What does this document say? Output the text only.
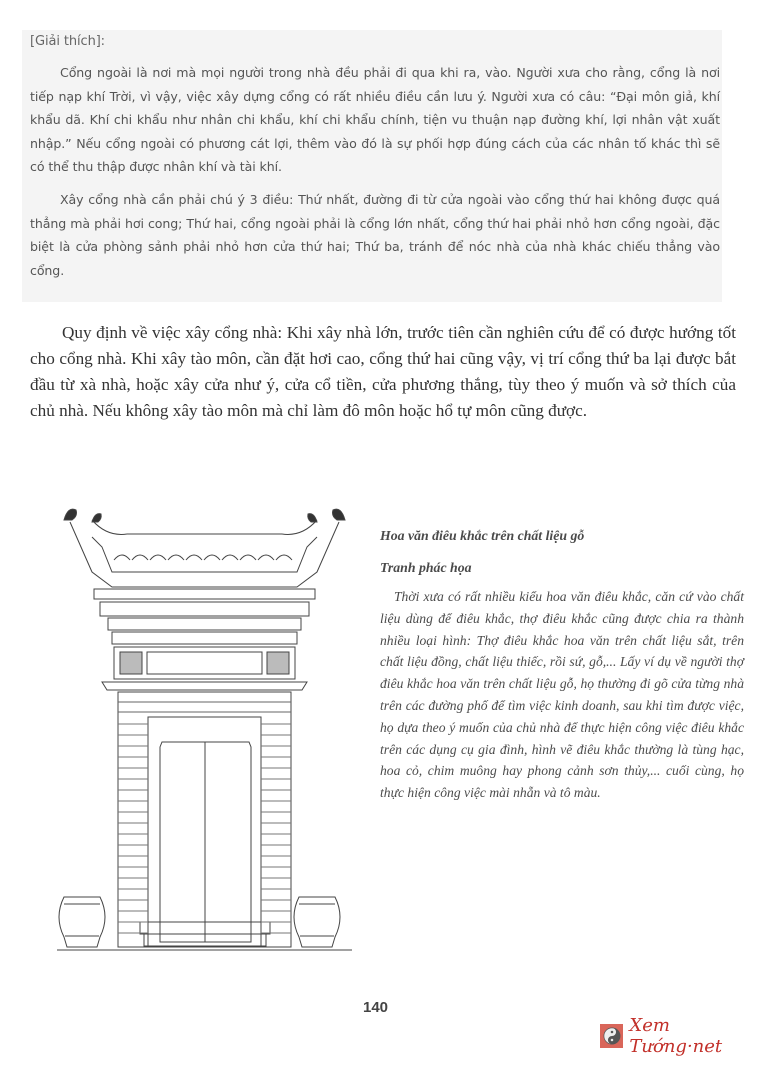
[Giải thích]:
Cổng ngoài là nơi mà mọi người trong nhà đều phải đi qua khi ra, vào. Người xưa cho rằng, cổng là nơi tiếp nạp khí Trời, vì vậy, việc xây dựng cổng có rất nhiều điều cần lưu ý. Người xưa có câu: “Đại môn giả, khí khẩu dã. Khí chi khẩu như nhân chi khẩu, khí chi khẩu chính, tiện vu thuận nạp đường khí, lợi nhân vật xuất nhập.” Nếu cổng ngoài có phương cát lợi, thêm vào đó là sự phối hợp đúng cách của các nhân tố khác thì sẽ có thể thu thập được nhân khí và tài khí.
Xây cổng nhà cần phải chú ý 3 điều: Thứ nhất, đường đi từ cửa ngoài vào cổng thứ hai không được quá thẳng mà phải hơi cong; Thứ hai, cổng ngoài phải là cổng lớn nhất, cổng thứ hai phải nhỏ hơn cổng ngoài, đặc biệt là cửa phòng sảnh phải nhỏ hơn cửa thứ hai; Thứ ba, tránh để nóc nhà của nhà khác chiếu thẳng vào cổng.
Quy định về việc xây cổng nhà: Khi xây nhà lớn, trước tiên cần nghiên cứu để có được hướng tốt cho cổng nhà. Khi xây tào môn, cần đặt hơi cao, cổng thứ hai cũng vậy, vị trí cổng thứ ba lại được bắt đầu từ xà nhà, hoặc xây cửa như ý, cửa cổ tiền, cửa phương thắng, tùy theo ý muốn và sở thích của chủ nhà. Nếu không xây tào môn mà chỉ làm đô môn hoặc hổ tự môn cũng được.
Hoa văn điêu khắc trên chất liệu gỗ
Tranh phác họa
Thời xưa có rất nhiều kiểu hoa văn điêu khắc, căn cứ vào chất liệu dùng để điêu khắc, thợ điêu khắc cũng được chia ra thành nhiều loại hình: Thợ điêu khắc hoa văn trên chất liệu sắt, trên chất liệu đồng, chất liệu thiếc, rồi sứ, gỗ,... Lấy ví dụ về người thợ điêu khắc hoa văn trên chất liệu gỗ, họ thường đi gõ cửa từng nhà trên các đường phố để tìm việc kinh doanh, sau khi tìm được việc, họ dựa theo ý muốn của chủ nhà để thực hiện công việc điêu khắc trên các dụng cụ gia đình, hình vẽ điêu khắc thường là tùng hạc, hoa cỏ, chim muông hay phong cảnh sơn thủy,... cuối cùng, họ thực hiện công việc mài nhẵn và tô màu.
140
Xem Tướng·net
